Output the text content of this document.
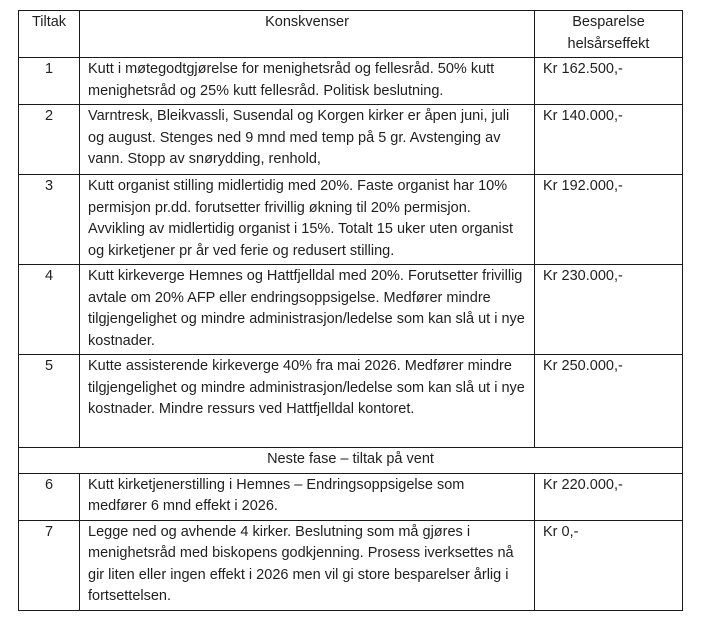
Tiltak	Konskvenser	Besparelse helsårseffekt
1	Kutt i møtegodtgjørelse for menighetsråd og fellesråd. 50% kutt menighetsråd og 25% kutt fellesråd. Politisk beslutning.	Kr 162.500,-
2	Varntresk, Bleikvassli, Susendal og Korgen kirker er åpen juni, juli og august. Stenges ned 9 mnd med temp på 5 gr. Avstenging av vann. Stopp av snørydding, renhold,	Kr 140.000,-
3	Kutt organist stilling midlertidig med 20%. Faste organist har 10% permisjon pr.dd. forutsetter frivillig økning til 20% permisjon. Avvikling av midlertidig organist i 15%. Totalt 15 uker uten organist og kirketjener pr år ved ferie og redusert stilling.	Kr 192.000,-
4	Kutt kirkeverge Hemnes og Hattfjelldal med 20%. Forutsetter frivillig avtale om 20% AFP eller endringsoppsigelse. Medfører mindre tilgjengelighet og mindre administrasjon/ledelse som kan slå ut i nye kostnader.	Kr 230.000,-
5	Kutte assisterende kirkeverge 40% fra mai 2026. Medfører mindre tilgjengelighet og mindre administrasjon/ledelse som kan slå ut i nye kostnader. Mindre ressurs ved Hattfjelldal kontoret.	Kr 250.000,-
Neste fase – tiltak på vent		
6	Kutt kirketjenerstilling i Hemnes – Endringsoppsigelse som medfører 6 mnd effekt i 2026.	Kr 220.000,-
7	Legge ned og avhende 4 kirker. Beslutning som må gjøres i menighetsråd med biskopens godkjenning. Prosess iverksettes nå gir liten eller ingen effekt i 2026 men vil gi store besparelser årlig i fortsettelsen.	Kr 0,-
